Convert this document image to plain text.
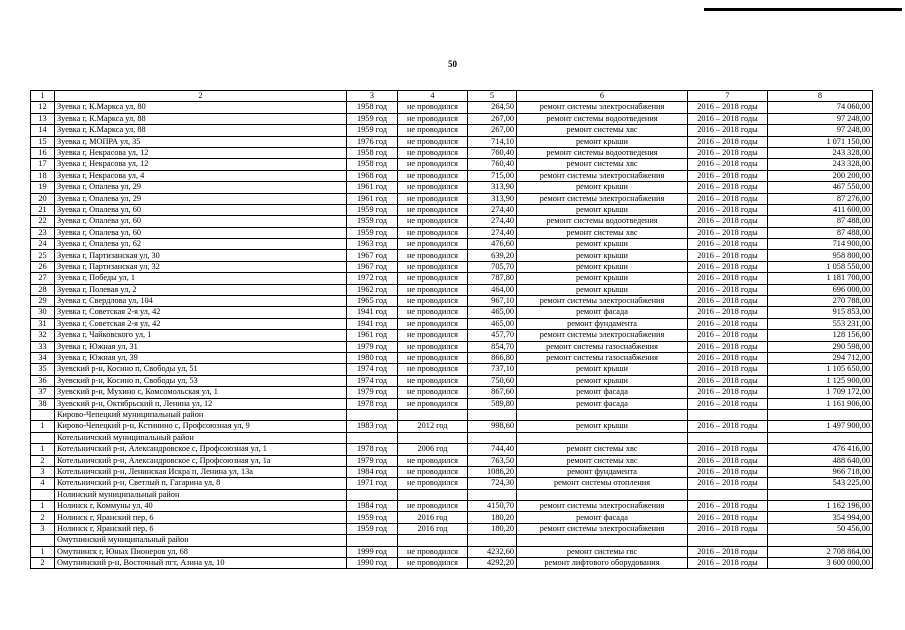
50
1	2	3	4	5	6	7	8
12	Зуевка г, К.Маркса ул, 80	1958 год	не проводился	264,50	ремонт системы электроснабжения	2016 – 2018 годы	74 060,00
13	Зуевка г, К.Маркса ул, 88	1959 год	не проводился	267,00	ремонт системы водоотведения	2016 – 2018 годы	97 248,00
14	Зуевка г, К.Маркса ул, 88	1959 год	не проводился	267,00	ремонт системы хвс	2016 – 2018 годы	97 248,00
15	Зуевка г, МОПРА ул, 35	1976 год	не проводился	714,10	ремонт крыши	2016 – 2018 годы	1 071 150,00
16	Зуевка г, Некрасова ул, 12	1958 год	не проводился	760,40	ремонт системы водоотведения	2016 – 2018 годы	243 328,00
17	Зуевка г, Некрасова ул, 12	1958 год	не проводился	760,40	ремонт системы хвс	2016 – 2018 годы	243 328,00
18	Зуевка г, Некрасова ул, 4	1968 год	не проводился	715,00	ремонт системы электроснабжения	2016 – 2018 годы	200 200,00
19	Зуевка г, Опалева ул, 29	1961 год	не проводился	313,90	ремонт крыши	2016 – 2018 годы	467 550,00
20	Зуевка г, Опалева ул, 29	1961 год	не проводился	313,90	ремонт системы электроснабжения	2016 – 2018 годы	87 276,00
21	Зуевка г, Опалева ул, 60	1959 год	не проводился	274,40	ремонт крыши	2016 – 2018 годы	411 600,00
22	Зуевка г, Опалева ул, 60	1959 год	не проводился	274,40	ремонт системы водоотведения	2016 – 2018 годы	87 488,00
23	Зуевка г, Опалева ул, 60	1959 год	не проводился	274,40	ремонт системы хвс	2016 – 2018 годы	87 488,00
24	Зуевка г, Опалева ул, 62	1963 год	не проводился	476,60	ремонт крыши	2016 – 2018 годы	714 900,00
25	Зуевка г, Партизанская ул, 30	1967 год	не проводился	639,20	ремонт крыши	2016 – 2018 годы	958 800,00
26	Зуевка г, Партизанская ул, 32	1967 год	не проводился	705,70	ремонт крыши	2016 – 2018 годы	1 058 550,00
27	Зуевка г, Победы ул, 1	1972 год	не проводился	787,80	ремонт крыши	2016 – 2018 годы	1 181 700,00
28	Зуевка г, Полевая ул, 2	1962 год	не проводился	464,00	ремонт крыши	2016 – 2018 годы	696 000,00
29	Зуевка г, Свердлова ул, 104	1965 год	не проводился	967,10	ремонт системы электроснабжения	2016 – 2018 годы	270 788,00
30	Зуевка г, Советская 2-я ул, 42	1941 год	не проводился	465,00	ремонт фасада	2016 – 2018 годы	915 853,00
31	Зуевка г, Советская 2-я ул, 42	1941 год	не проводился	465,00	ремонт фундамента	2016 – 2018 годы	553 231,00
32	Зуевка г, Чайковского ул, 1	1961 год	не проводился	457,70	ремонт системы электроснабжения	2016 – 2018 годы	128 156,00
33	Зуевка г, Южная ул, 31	1979 год	не проводился	854,70	ремонт системы газоснабжения	2016 – 2018 годы	290 598,00
34	Зуевка г, Южная ул, 39	1980 год	не проводился	866,80	ремонт системы газоснабжения	2016 – 2018 годы	294 712,00
35	Зуевский р-н, Косино п, Свободы ул, 51	1974 год	не проводился	737,10	ремонт крыши	2016 – 2018 годы	1 105 650,00
36	Зуевский р-н, Косино п, Свободы ул, 53	1974 год	не проводился	750,60	ремонт крыши	2016 – 2018 годы	1 125 900,00
37	Зуевский р-н, Мухино с, Комсомольская ул, 1	1979 год	не проводился	867,60	ремонт фасада	2016 – 2018 годы	1 709 172,00
38	Зуевский р-н, Октябрьский п, Ленина ул, 12	1978 год	не проводился	589,80	ремонт фасада	2016 – 2018 годы	1 161 906,00
	Кирово-Чепецкий муниципальный район						
1	Кирово-Чепецкий р-н, Кстинино с, Профсоюзная ул, 9	1983 год	2012 год	998,60	ремонт крыши	2016 – 2018 годы	1 497 900,00
	Котельничский муниципальный район						
1	Котельничский р-н, Александровское с, Профсоюзная ул, 1	1978 год	2006 год	744,40	ремонт системы хвс	2016 – 2018 годы	476 416,00
2	Котельничский р-н, Александровское с, Профсоюзная ул, 1а	1979 год	не проводился	763,50	ремонт системы хвс	2016 – 2018 годы	488 640,00
3	Котельничский р-н, Ленинская Искра п, Ленина ул, 13а	1984 год	не проводился	1086,20	ремонт фундамента	2016 – 2018 годы	966 718,00
4	Котельничский р-н, Светлый п, Гагарина ул, 8	1971 год	не проводился	724,30	ремонт системы отопления	2016 – 2018 годы	543 225,00
	Нолинский муниципальный район						
1	Нолинск г, Коммуны ул, 40	1984 год	не проводился	4150,70	ремонт системы электроснабжения	2016 – 2018 годы	1 162 196,00
2	Нолинск г, Яранский пер, 6	1959 год	2016 год	180,20	ремонт фасада	2016 – 2018 годы	354 994,00
3	Нолинск г, Яранский пер, 6	1959 год	2016 год	180,20	ремонт системы электроснабжения	2016 – 2018 годы	50 456,00
	Омутнинский муниципальный район						
1	Омутнинск г, Юных Пионеров ул, 68	1999 год	не проводился	4232,60	ремонт системы гвс	2016 – 2018 годы	2 708 864,00
2	Омутнинский р-н, Восточный пгт, Азина ул, 10	1990 год	не проводился	4292,20	ремонт лифтового оборудования	2016 – 2018 годы	3 600 000,00
